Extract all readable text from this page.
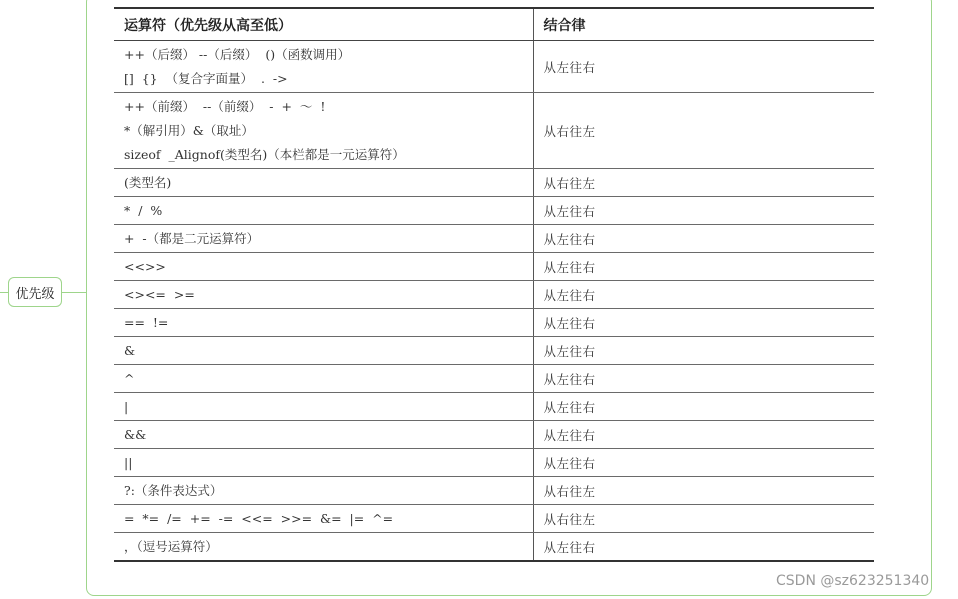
优先级
运算符（优先级从高至低）	结合律

++（后缀） --（后缀）  ()（函数调用）
[]  {}  （复合字面量）  .  ->	从左往右

++（前缀）  --（前缀）  -  +  ～  !
*（解引用）&（取址）
sizeof  _Alignof(类型名)（本栏都是一元运算符）	从右往左

(类型名)	从右往左

*  /  %	从左往右

+  -（都是二元运算符）	从左往右

<<>>	从左往右

<><=  >=	从左往右

==  !=	从左往右

&	从左往右

^	从左往右

|	从左往右

&&	从左往右

||	从左往右

?:（条件表达式）	从右往左

=  *=  /=  +=  -=  <<=  >>=  &=  |=  ^=	从右往左

，（逗号运算符）	从左往右
CSDN @sz623251340
